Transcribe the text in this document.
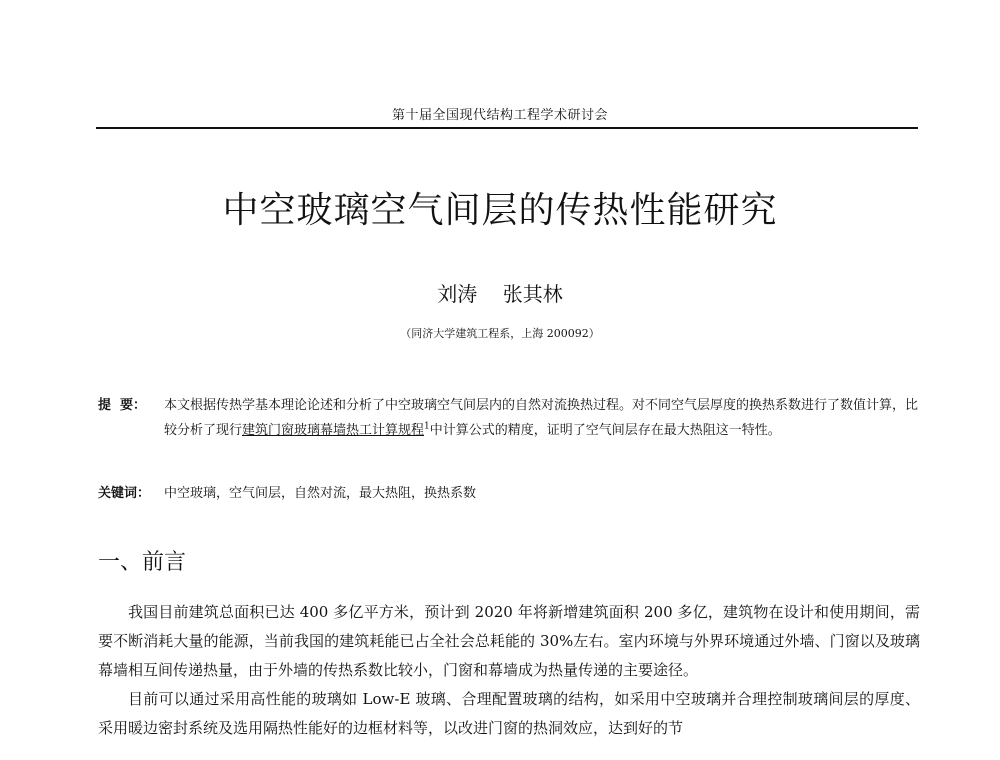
第十届全国现代结构工程学术研讨会
中空玻璃空气间层的传热性能研究
刘涛    张其林
（同济大学建筑工程系，上海 200092）
提  要：	本文根据传热学基本理论论述和分析了中空玻璃空气间层内的自然对流换热过程。对不同空气层厚度的换热系数进行了数值计算，比较分析了现行建筑门窗玻璃幕墙热工计算规程$^1$中计算公式的精度，证明了空气间层存在最大热阻这一特性。
关键词： 中空玻璃，空气间层，自然对流，最大热阻，换热系数
一、前言

我国目前建筑总面积已达 400 多亿平方米，预计到 2020 年将新增建筑面积 200 多亿，建筑物在设计和使用期间，需要不断消耗大量的能源，当前我国的建筑耗能已占全社会总耗能的 30%左右。室内环境与外界环境通过外墙、门窗以及玻璃幕墙相互间传递热量，由于外墙的传热系数比较小，门窗和幕墙成为热量传递的主要途径。

目前可以通过采用高性能的玻璃如 Low-E 玻璃、合理配置玻璃的结构，如采用中空玻璃并合理控制玻璃间层的厚度、采用暖边密封系统及选用隔热性能好的边框材料等，以改进门窗的热洞效应，达到好的节
